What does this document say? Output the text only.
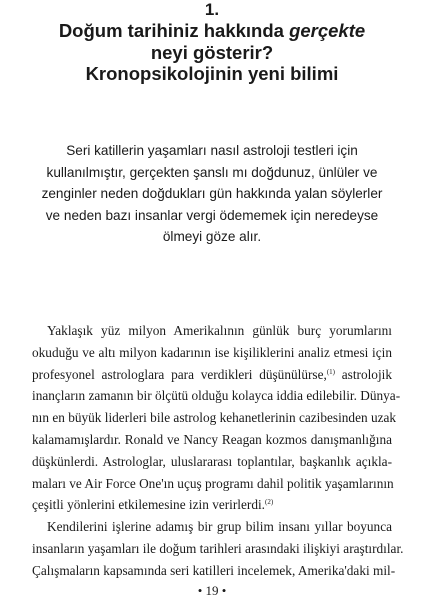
1.
Doğum tarihiniz hakkında gerçekte
neyi gösterir?
Kronopsikolojinin yeni bilimi
Seri katillerin yaşamları nasıl astroloji testleri için
kullanılmıştır, gerçekten şanslı mı doğdunuz, ünlüler ve
zenginler neden doğdukları gün hakkında yalan söylerler
ve neden bazı insanlar vergi ödememek için neredeyse
ölmeyi göze alır.
Yaklaşık yüz milyon Amerikalının günlük burç yorumlarını
okuduğu ve altı milyon kadarının ise kişiliklerini analiz etmesi için
profesyonel astrologlara para verdikleri düşünülürse,$^{(1)}$ astrolojik
inançların zamanın bir ölçütü olduğu kolayca iddia edilebilir. Dünya-
nın en büyük liderleri bile astrolog kehanetlerinin cazibesinden uzak
kalamamışlardır. Ronald ve Nancy Reagan kozmos danışmanlığına
düşkünlerdi. Astrologlar, uluslararası toplantılar, başkanlık açıkla-
maları ve Air Force One'ın uçuş programı dahil politik yaşamlarının
çeşitli yönlerini etkilemesine izin verirlerdi.$^{(2)}$
Kendilerini işlerine adamış bir grup bilim insanı yıllar boyunca
insanların yaşamları ile doğum tarihleri arasındaki ilişkiyi araştırdılar.
Çalışmaların kapsamında seri katilleri incelemek, Amerika'daki mil-
• 19 •
